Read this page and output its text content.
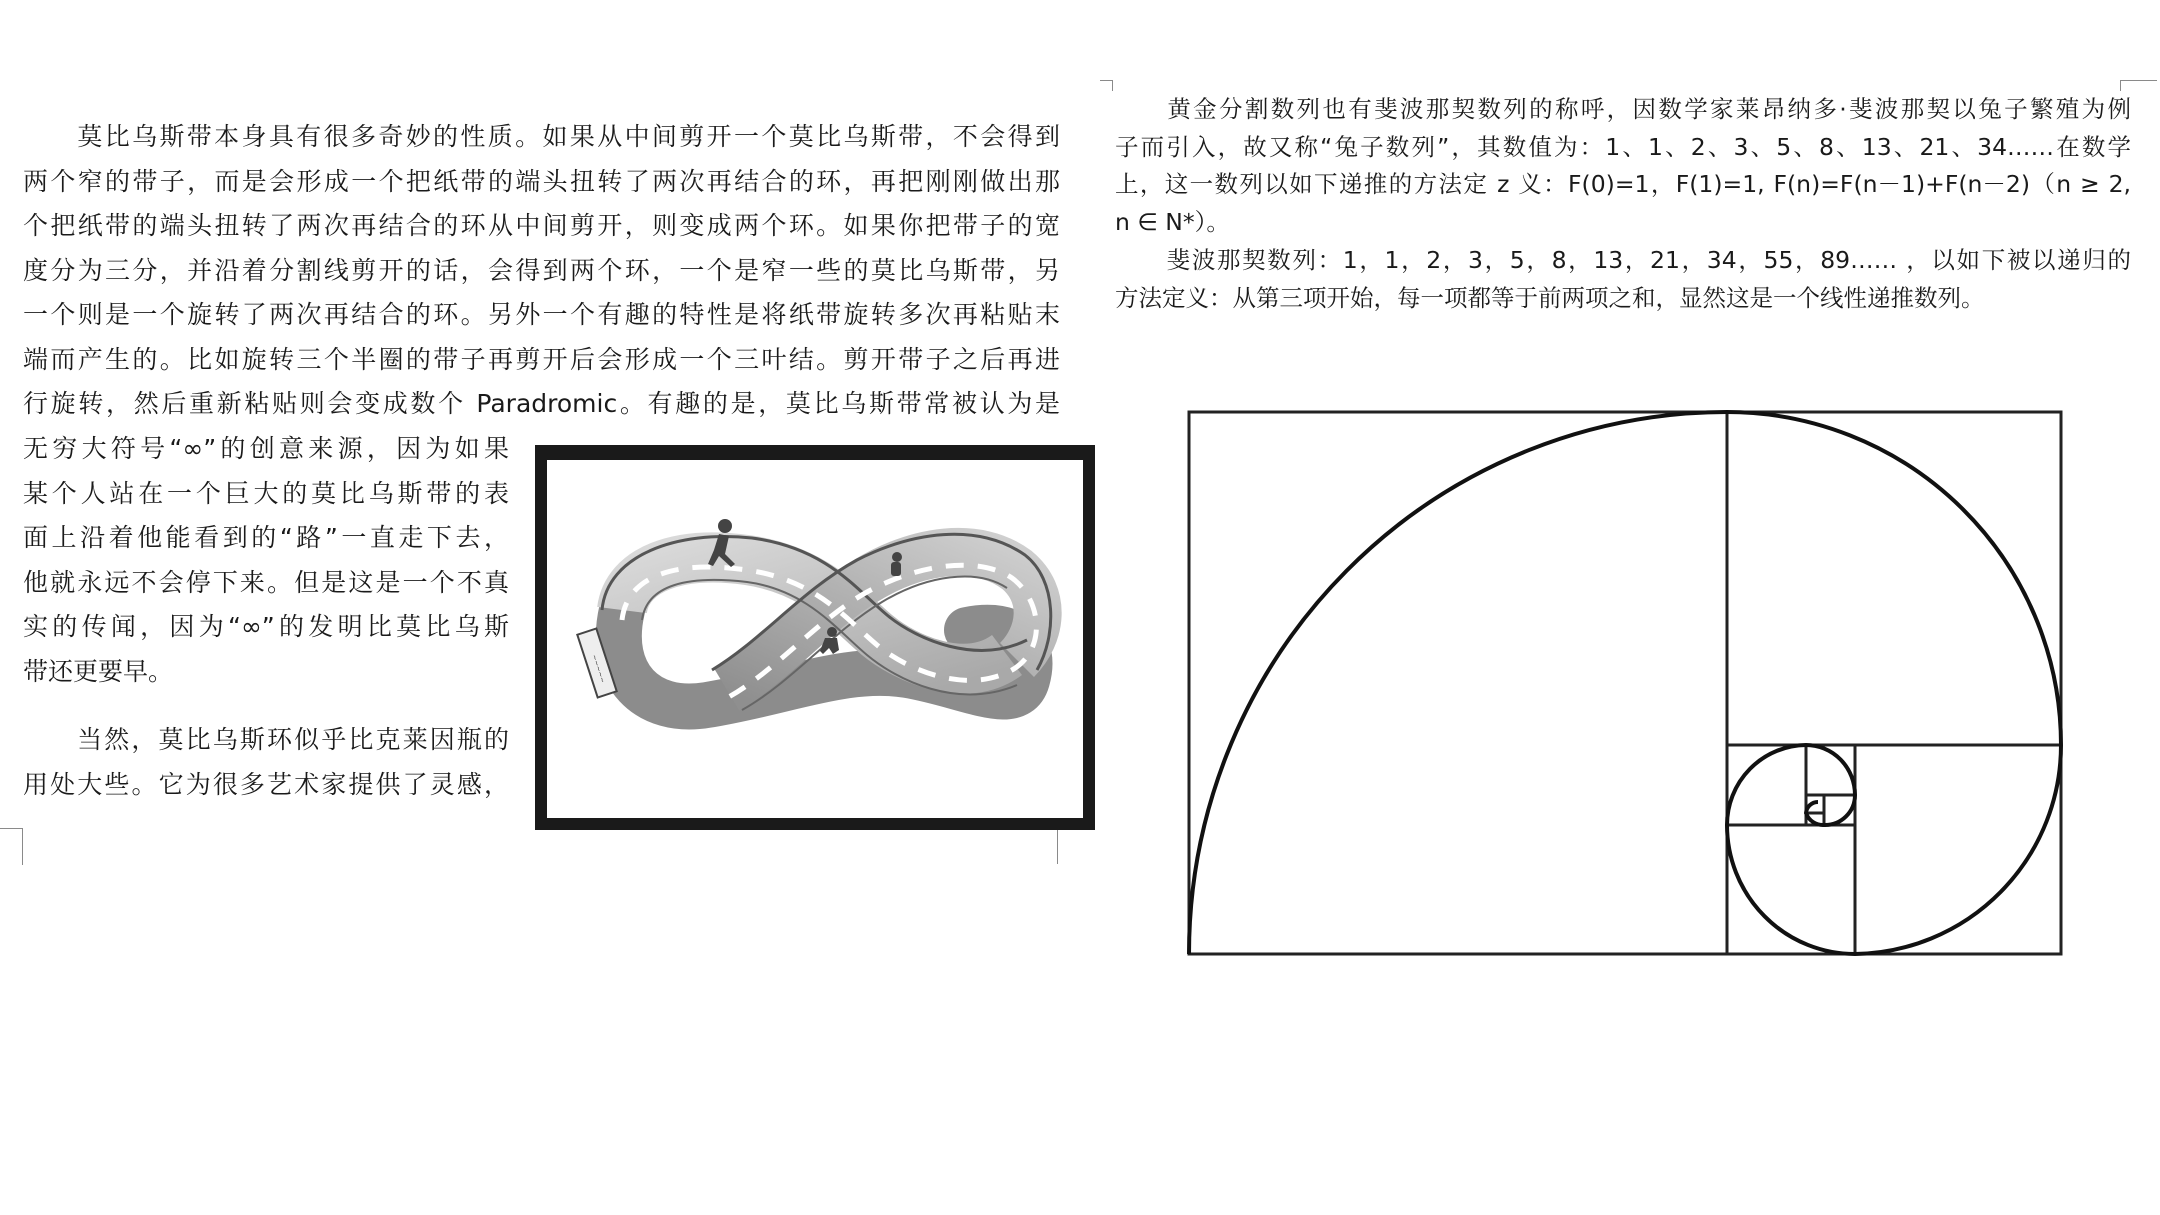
莫比乌斯带本身具有很多奇妙的性质。如果从中间剪开一个莫比乌斯带，不会得到
两个窄的带子，而是会形成一个把纸带的端头扭转了两次再结合的环，再把刚刚做出那
个把纸带的端头扭转了两次再结合的环从中间剪开，则变成两个环。如果你把带子的宽
度分为三分，并沿着分割线剪开的话，会得到两个环，一个是窄一些的莫比乌斯带，另
一个则是一个旋转了两次再结合的环。另外一个有趣的特性是将纸带旋转多次再粘贴末
端而产生的。比如旋转三个半圈的带子再剪开后会形成一个三叶结。剪开带子之后再进
行旋转，然后重新粘贴则会变成数个 Paradromic。有趣的是，莫比乌斯带常被认为是
无穷大符号“∞”的创意来源，因为如果
某个人站在一个巨大的莫比乌斯带的表
面上沿着他能看到的“路”一直走下去，
他就永远不会停下来。但是这是一个不真
实的传闻，因为“∞”的发明比莫比乌斯
带还更要早。
当然，莫比乌斯环似乎比克莱因瓶的
用处大些。它为很多艺术家提供了灵感，
~~~~~
黄金分割数列也有斐波那契数列的称呼，因数学家莱昂纳多·斐波那契以兔子繁殖为例
子而引入，故又称“兔子数列”，其数值为：1、1、2、3、5、8、13、21、34……在数学
上，这一数列以如下递推的方法定 z 义：F(0)=1，F(1)=1, F(n)=F(n－1)+F(n－2)（n ≥ 2,
n ∈ N*）。
斐波那契数列：1，1，2，3，5，8，13，21，34，55，89…… ，以如下被以递归的
方法定义：从第三项开始，每一项都等于前两项之和，显然这是一个线性递推数列。
